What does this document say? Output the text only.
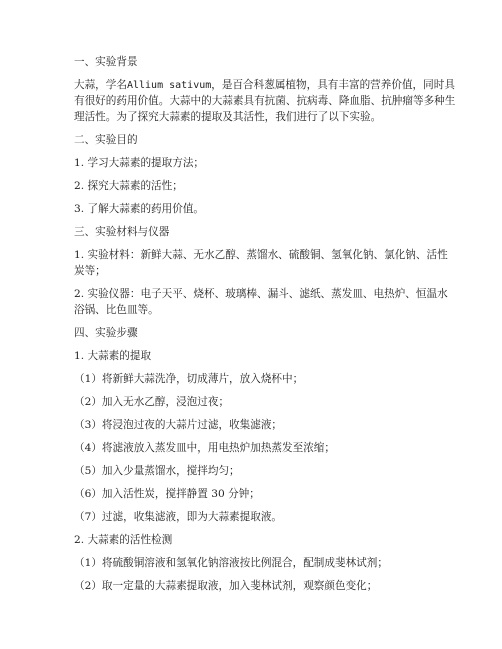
一、实验背景
大蒜，学名Allium sativum，是百合科葱属植物，具有丰富的营养价值，同时具
有很好的药用价值。大蒜中的大蒜素具有抗菌、抗病毒、降血脂、抗肿瘤等多种生
理活性。为了探究大蒜素的提取及其活性，我们进行了以下实验。
二、实验目的
1. 学习大蒜素的提取方法；
2. 探究大蒜素的活性；
3. 了解大蒜素的药用价值。
三、实验材料与仪器
1. 实验材料：新鲜大蒜、无水乙醇、蒸馏水、硫酸铜、氢氧化钠、氯化钠、活性
炭等；
2. 实验仪器：电子天平、烧杯、玻璃棒、漏斗、滤纸、蒸发皿、电热炉、恒温水
浴锅、比色皿等。
四、实验步骤
1. 大蒜素的提取
（1）将新鲜大蒜洗净，切成薄片，放入烧杯中；
（2）加入无水乙醇，浸泡过夜；
（3）将浸泡过夜的大蒜片过滤，收集滤液；
（4）将滤液放入蒸发皿中，用电热炉加热蒸发至浓缩；
（5）加入少量蒸馏水，搅拌均匀；
（6）加入活性炭，搅拌静置 30 分钟；
（7）过滤，收集滤液，即为大蒜素提取液。
2. 大蒜素的活性检测
（1）将硫酸铜溶液和氢氧化钠溶液按比例混合，配制成斐林试剂；
（2）取一定量的大蒜素提取液，加入斐林试剂，观察颜色变化；
